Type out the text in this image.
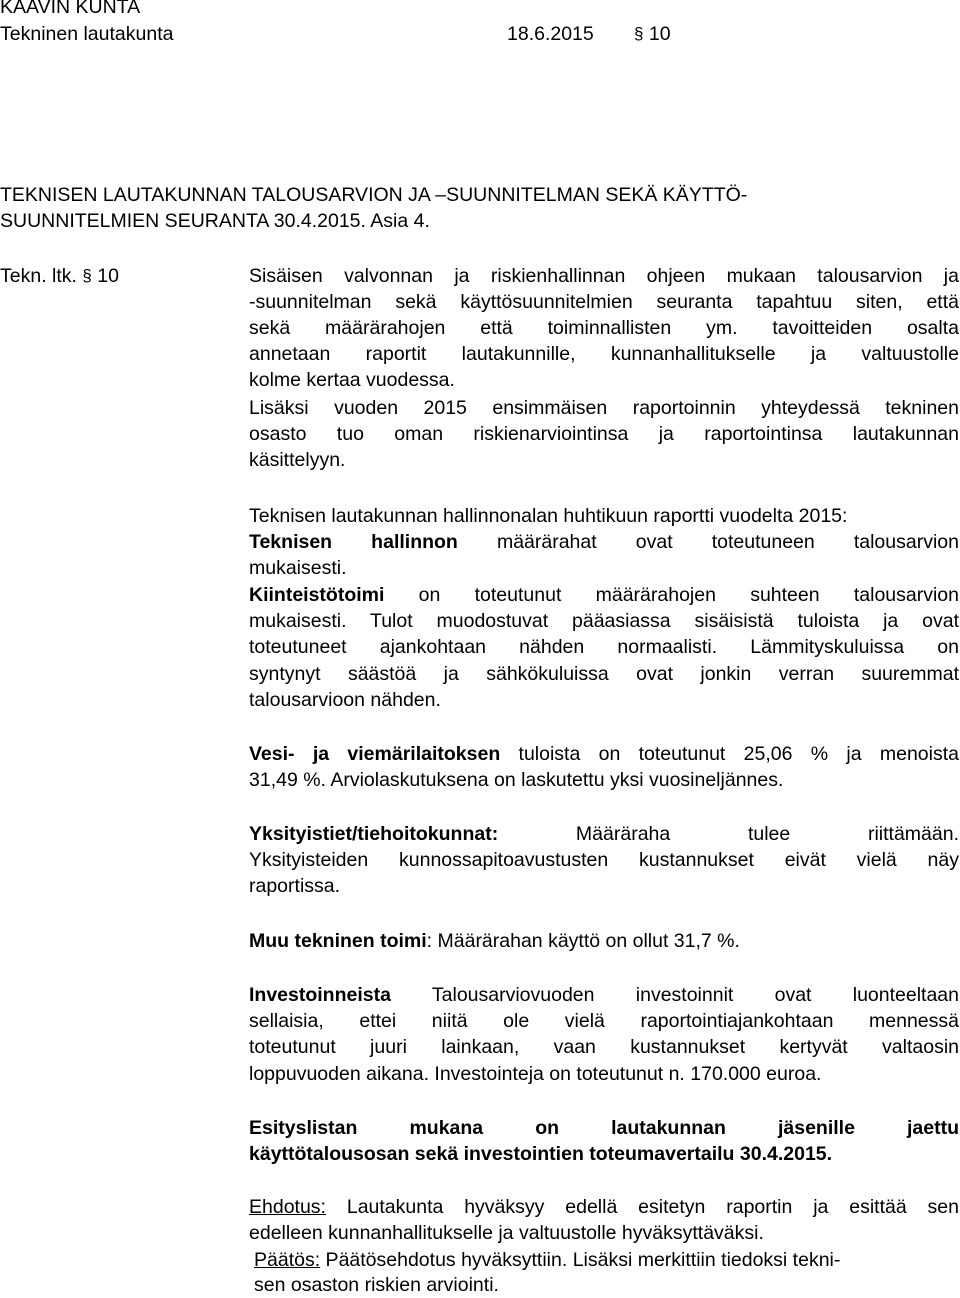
KAAVIN KUNTA
Tekninen lautakunta	18.6.2015 § 10
TEKNISEN LAUTAKUNNAN TALOUSARVION JA –SUUNNITELMAN SEKÄ KÄYTTÖ-
SUUNNITELMIEN SEURANTA 30.4.2015. Asia 4.
Tekn. ltk. § 10	Sisäisen valvonnan ja riskienhallinnan ohjeen mukaan talousarvion ja
-suunnitelman sekä käyttösuunnitelmien seuranta tapahtuu siten, että
sekä määrärahojen että toiminnallisten ym. tavoitteiden osalta
annetaan raportit lautakunnille, kunnanhallitukselle ja valtuustolle
kolme kertaa vuodessa.
Lisäksi vuoden 2015 ensimmäisen raportoinnin yhteydessä tekninen
osasto tuo oman riskienarviointinsa ja raportointinsa lautakunnan
käsittelyyn.
Teknisen lautakunnan hallinnonalan huhtikuun raportti vuodelta 2015:
Teknisen hallinnon määrärahat ovat toteutuneen talousarvion
mukaisesti.
Kiinteistötoimi on toteutunut määrärahojen suhteen talousarvion
mukaisesti. Tulot muodostuvat pääasiassa sisäisistä tuloista ja ovat
toteutuneet ajankohtaan nähden normaalisti. Lämmityskuluissa on
syntynyt säästöä ja sähkökuluissa ovat jonkin verran suuremmat
talousarvioon nähden.
Vesi- ja viemärilaitoksen tuloista on toteutunut 25,06 % ja menoista
31,49 %. Arviolaskutuksena on laskutettu yksi vuosineljännes.
Yksityistiet/tiehoitokunnat: Määräraha tulee riittämään.
Yksityisteiden kunnossapitoavustusten kustannukset eivät vielä näy
raportissa.
Muu tekninen toimi: Määrärahan käyttö on ollut 31,7 %.
Investoinneista Talousarviovuoden investoinnit ovat luonteeltaan
sellaisia, ettei niitä ole vielä raportointiajankohtaan mennessä
toteutunut juuri lainkaan, vaan kustannukset kertyvät valtaosin
loppuvuoden aikana. Investointeja on toteutunut n. 170.000 euroa.
Esityslistan mukana on lautakunnan jäsenille jaettu
käyttötalousosan sekä investointien toteumavertailu 30.4.2015.
Ehdotus: Lautakunta hyväksyy edellä esitetyn raportin ja esittää sen
edelleen kunnanhallitukselle ja valtuustolle hyväksyttäväksi.
Päätös: Päätösehdotus hyväksyttiin. Lisäksi merkittiin tiedoksi tekni-
sen osaston riskien arviointi.
